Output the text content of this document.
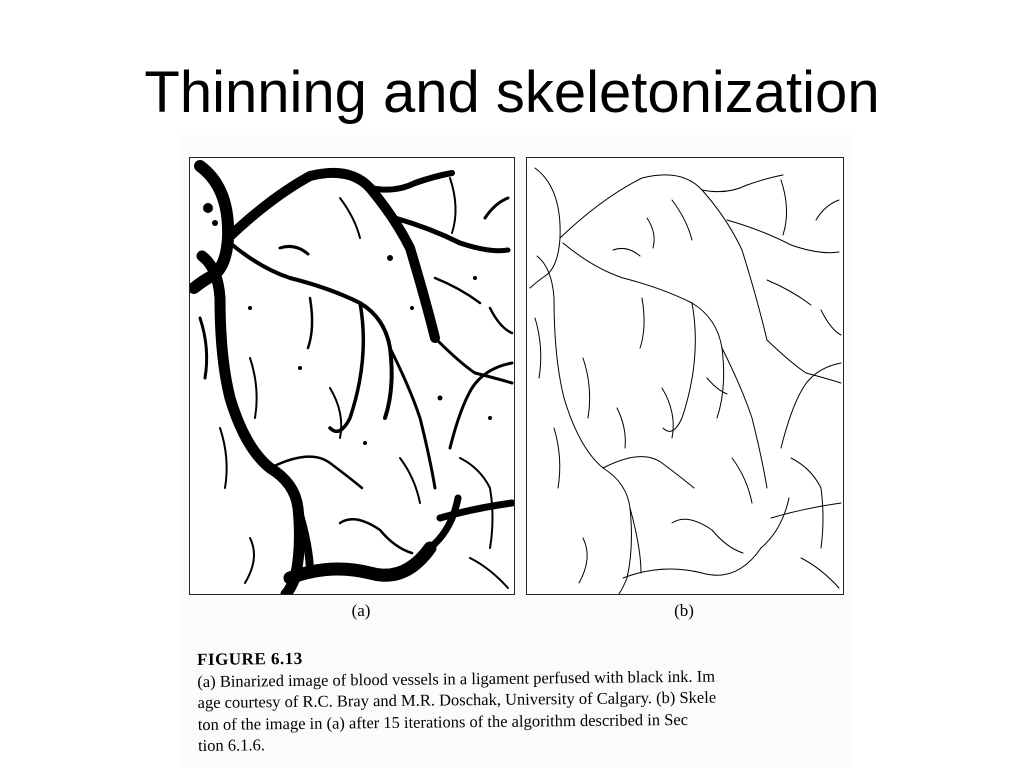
Thinning and skeletonization
(a)	(b)
FIGURE 6.13
(a) Binarized image of blood vessels in a ligament perfused with black ink. Im
age courtesy of R.C. Bray and M.R. Doschak, University of Calgary. (b) Skele
ton of the image in (a) after 15 iterations of the algorithm described in Sec
tion 6.1.6.
